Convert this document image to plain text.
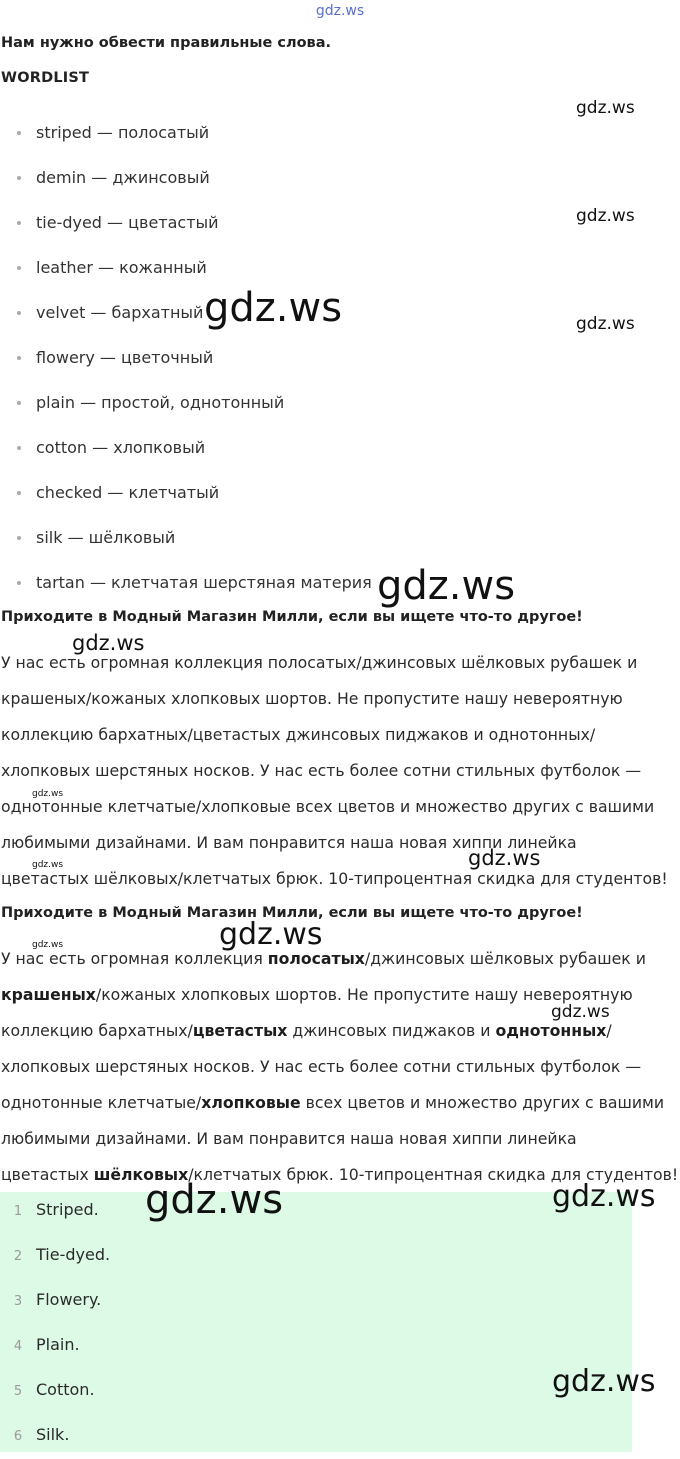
gdz.ws
Нам нужно обвести правильные слова.
WORDLIST
striped — полосатый
demin — джинсовый
tie-dyed — цветастый
leather — кожанный
velvet — бархатный
flowery — цветочный
plain — простой, однотонный
cotton — хлопковый
checked — клетчатый
silk — шёлковый
tartan — клетчатая шерстяная материя
Приходите в Модный Магазин Милли, если вы ищете что-то другое!
У нас есть огромная коллекция полосатых/джинсовых шёлковых рубашек и
крашеных/кожаных хлопковых шортов. Не пропустите нашу невероятную
коллекцию бархатных/цветастых джинсовых пиджаков и однотонных/
хлопковых шерстяных носков. У нас есть более сотни стильных футболок —
однотонные клетчатые/хлопковые всех цветов и множество других с вашими
любимыми дизайнами. И вам понравится наша новая хиппи линейка
цветастых шёлковых/клетчатых брюк. 10-типроцентная скидка для студентов!
Приходите в Модный Магазин Милли, если вы ищете что-то другое!
У нас есть огромная коллекция полосатых/джинсовых шёлковых рубашек и
крашеных/кожаных хлопковых шортов. Не пропустите нашу невероятную
коллекцию бархатных/цветастых джинсовых пиджаков и однотонных/
хлопковых шерстяных носков. У нас есть более сотни стильных футболок —
однотонные клетчатые/хлопковые всех цветов и множество других с вашими
любимыми дизайнами. И вам понравится наша новая хиппи линейка
цветастых шёлковых/клетчатых брюк. 10-типроцентная скидка для студентов!
1 Striped.
2 Tie-dyed.
3 Flowery.
4 Plain.
5 Cotton.
6 Silk.
gdz.ws
gdz.ws
gdz.ws	gdz.ws
gdz.ws
gdz.ws
gdz.ws
gdz.ws	gdz.ws
gdz.ws
gdz.ws
gdz.ws
gdz.ws	gdz.ws
gdz.ws
